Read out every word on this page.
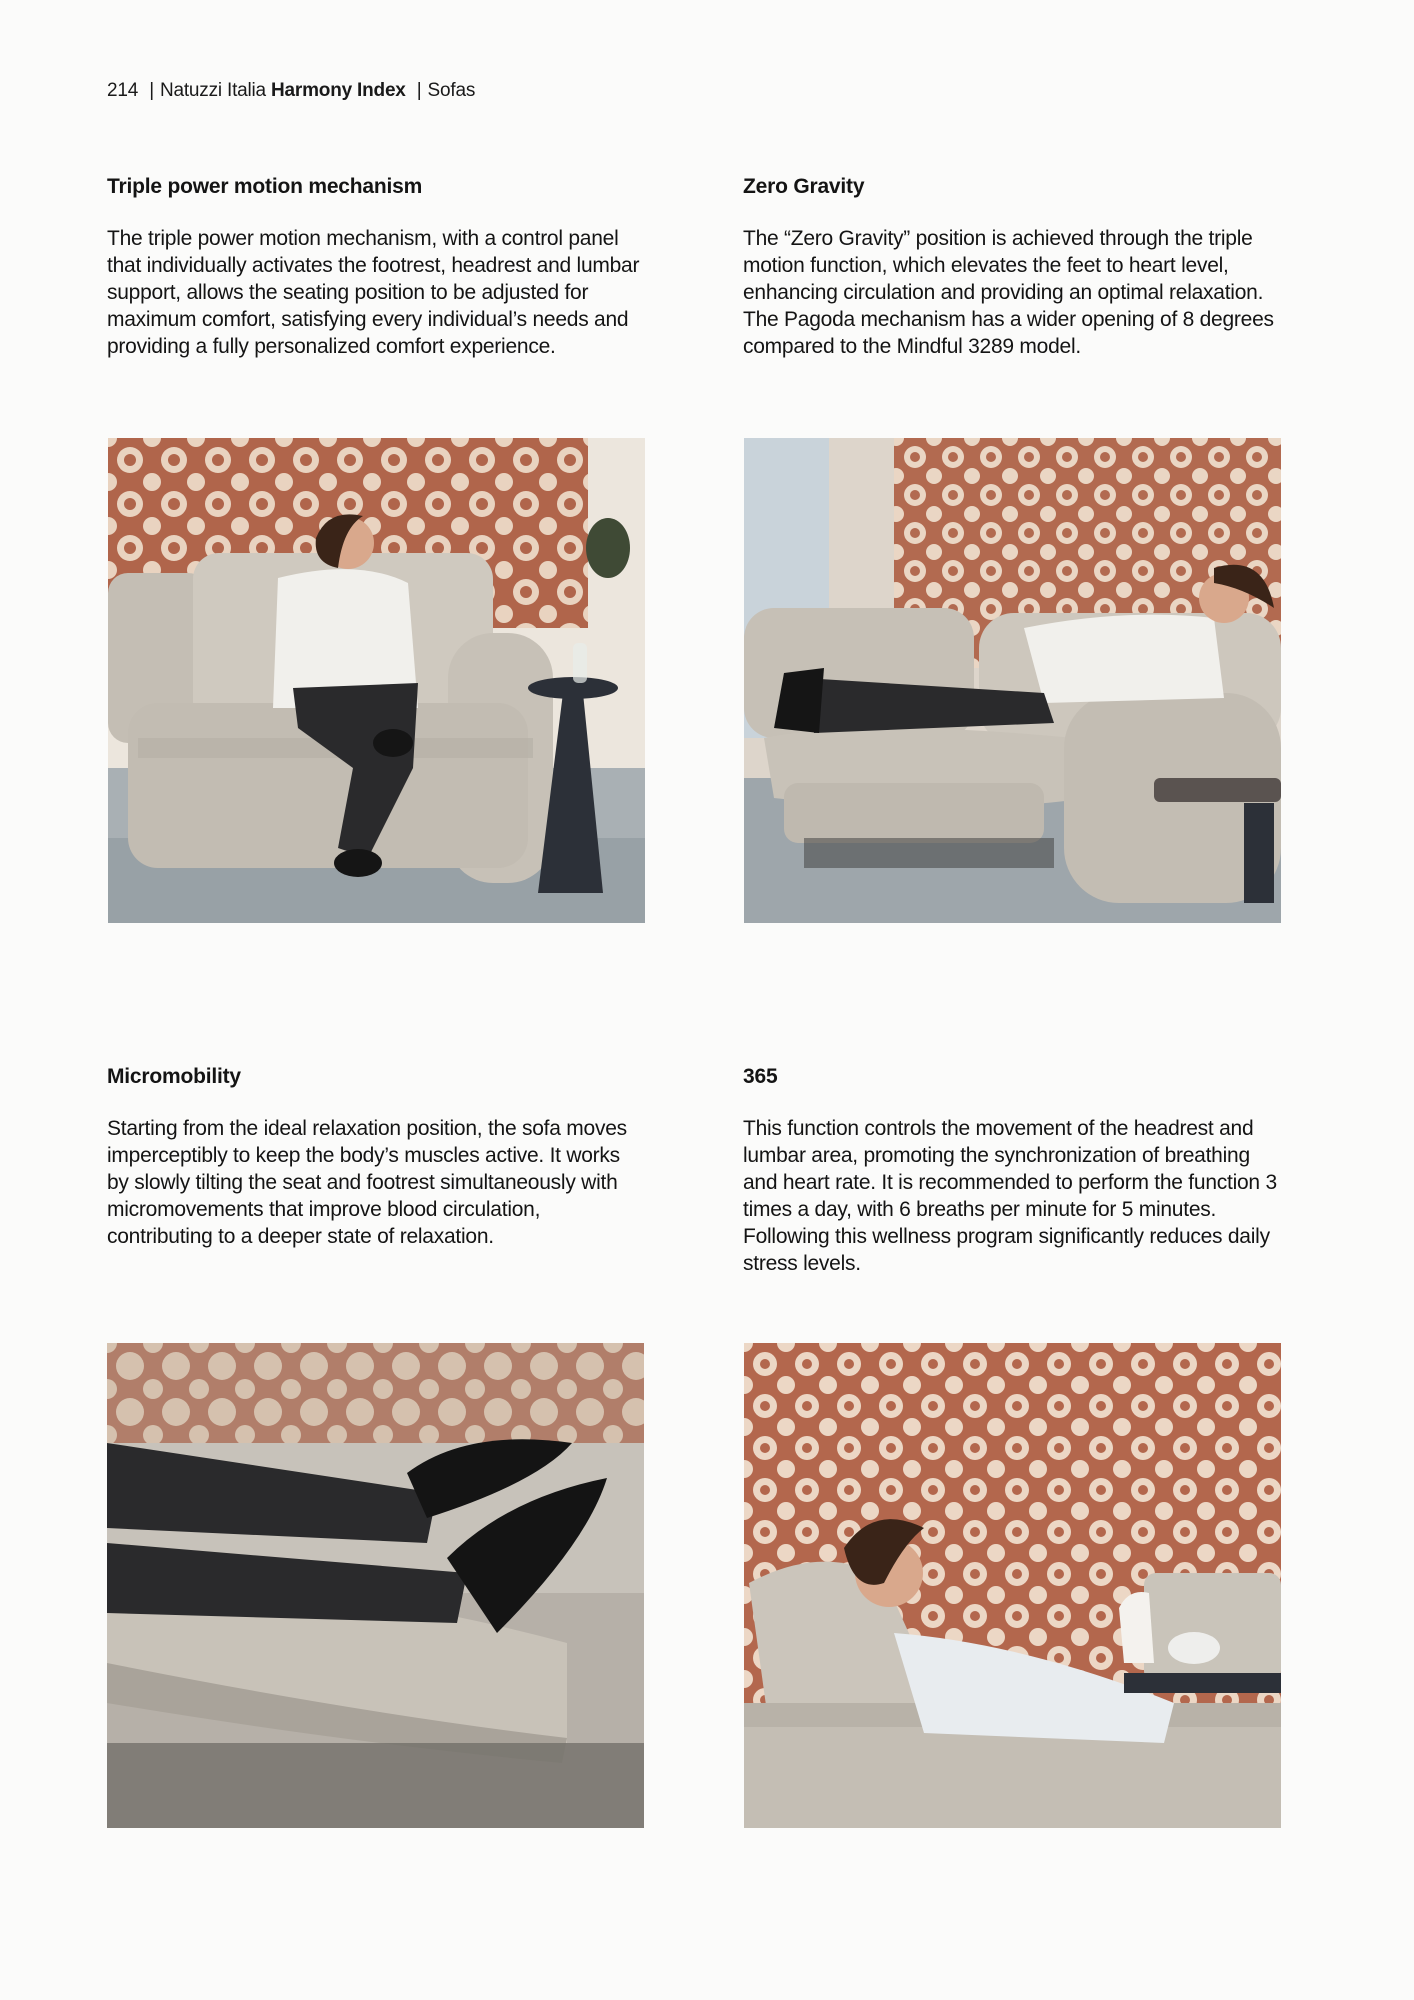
214 | Natuzzi Italia Harmony Index | Sofas
Triple power motion mechanism

The triple power motion mechanism, with a control panel that individually activates the footrest, headrest and lumbar support, allows the seating position to be adjusted for maximum comfort, satisfying every individual’s needs and providing a fully personalized comfort experience.

Zero Gravity

The “Zero Gravity” position is achieved through the triple motion function, which elevates the feet to heart level, enhancing circulation and providing an optimal relaxation. The Pagoda mechanism has a wider opening of 8 degrees compared to the Mindful 3289 model.

Micromobility

Starting from the ideal relaxation position, the sofa moves imperceptibly to keep the body’s muscles active. It works by slowly tilting the seat and footrest simultaneously with micromovements that improve blood circulation, contributing to a deeper state of relaxation.

365

This function controls the movement of the headrest and lumbar area, promoting the synchronization of breathing and heart rate. It is recommended to perform the function 3 times a day, with 6 breaths per minute for 5 minutes. Following this wellness program significantly reduces daily stress levels.
